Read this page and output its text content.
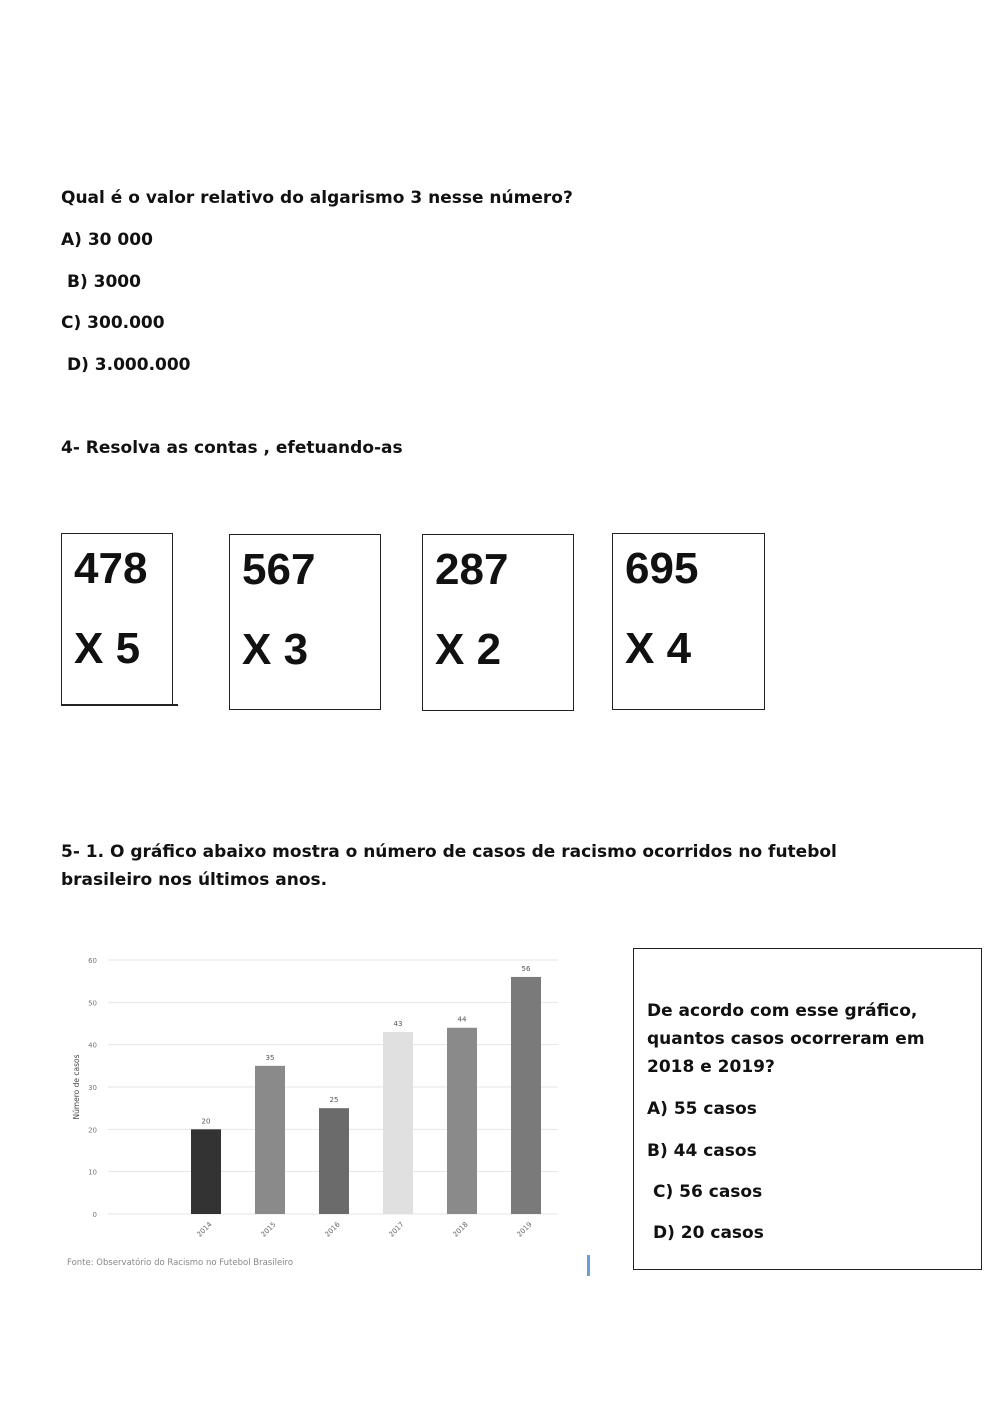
Qual é o valor relativo do algarismo 3 nesse número?

A) 30 000

B) 3000

C) 300.000

D) 3.000.000

4- Resolva as contas , efetuando-as

478
X 5
567
X 3
287
X 2
695
X 4

5- 1. O gráfico abaixo mostra o número de casos de racismo ocorridos no futebol

brasileiro nos últimos anos.

0
10
20
30
40
50
60
20
2014
35
2015
25
2016
43
2017
44
2018
56
2019
Número de casos
Fonte: Observatório do Racismo no Futebol Brasileiro
De acordo com esse gráfico,
quantos casos ocorreram em
2018 e 2019?
A) 55 casos
B) 44 casos
C) 56 casos
D) 20 casos
